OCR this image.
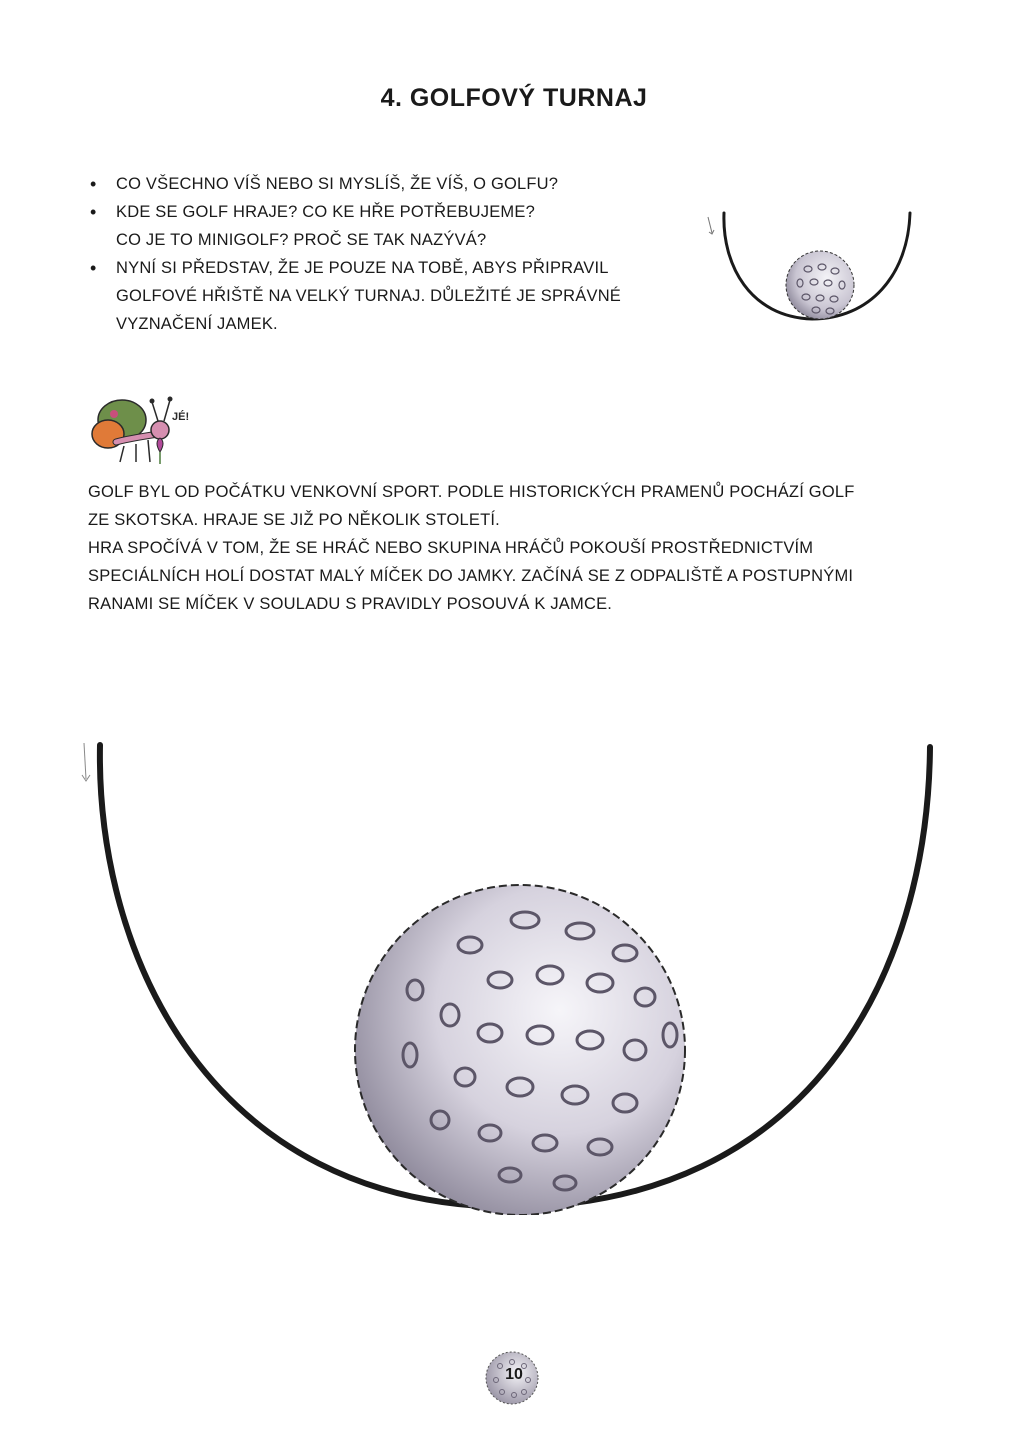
4. GOLFOVÝ TURNAJ
• CO VŠECHNO VÍŠ NEBO SI MYSLÍŠ, ŽE VÍŠ, O GOLFU?
• KDE SE GOLF HRAJE? CO KE HŘE POTŘEBUJEME?
CO JE TO MINIGOLF? PROČ SE TAK NAZÝVÁ?
• NYNÍ SI PŘEDSTAV, ŽE JE POUZE NA TOBĚ, ABYS PŘIPRAVIL
GOLFOVÉ HŘIŠTĚ NA VELKÝ TURNAJ. DŮLEŽITÉ JE SPRÁVNÉ
VYZNAČENÍ JAMEK.
JÉ!

GOLF BYL OD POČÁTKU VENKOVNÍ SPORT. PODLE HISTORICKÝCH PRAMENŮ POCHÁZÍ GOLF
ZE SKOTSKA. HRAJE SE JIŽ PO NĚKOLIK STOLETÍ.
HRA SPOČÍVÁ V TOM, ŽE SE HRÁČ NEBO SKUPINA HRÁČŮ POKOUŠÍ PROSTŘEDNICTVÍM
SPECIÁLNÍCH HOLÍ DOSTAT MALÝ MÍČEK DO JAMKY. ZAČÍNÁ SE Z ODPALIŠTĚ A POSTUPNÝMI
RANAMI SE MÍČEK V SOULADU S PRAVIDLY POSOUVÁ K JAMCE.

10
